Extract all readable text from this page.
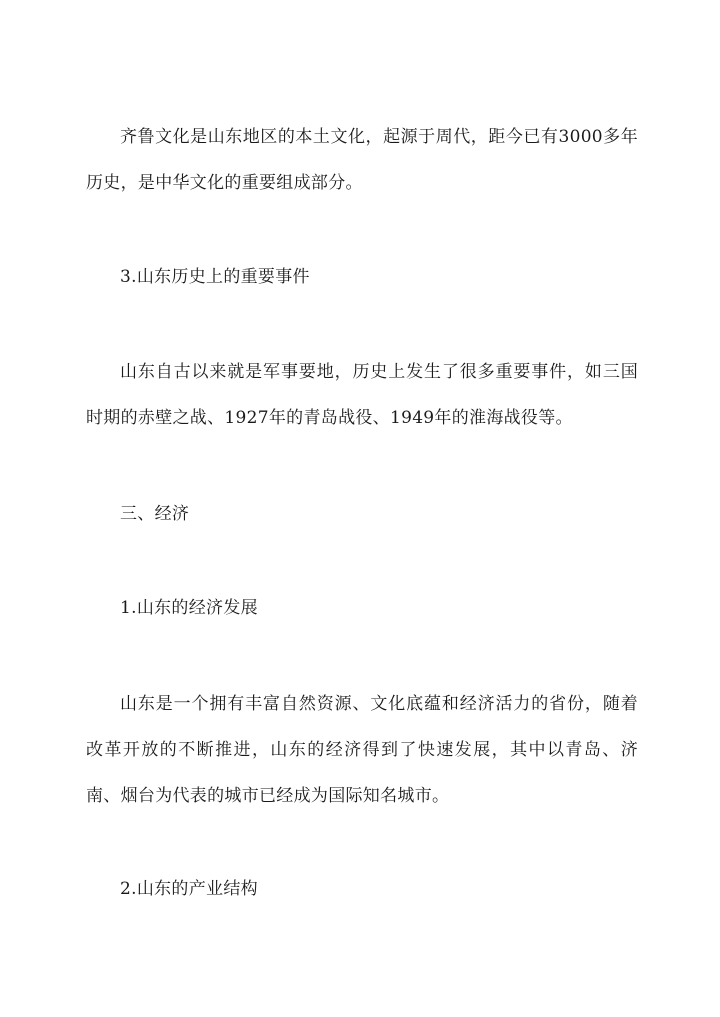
齐鲁文化是山东地区的本土文化，起源于周代，距今已有3000多年历史，是中华文化的重要组成部分。

3.山东历史上的重要事件

山东自古以来就是军事要地，历史上发生了很多重要事件，如三国时期的赤壁之战、1927年的青岛战役、1949年的淮海战役等。

三、经济

1.山东的经济发展

山东是一个拥有丰富自然资源、文化底蕴和经济活力的省份，随着改革开放的不断推进，山东的经济得到了快速发展，其中以青岛、济南、烟台为代表的城市已经成为国际知名城市。

2.山东的产业结构
